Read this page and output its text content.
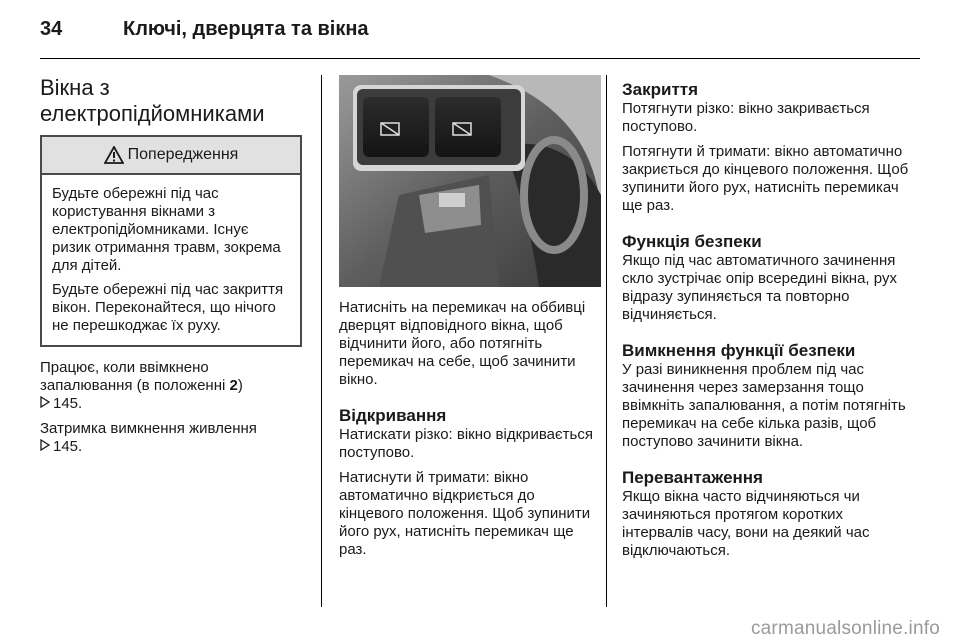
34	Ключі, дверцята та вікна
Вікна з
електропідйомниками
Попередження

Будьте обережні під час користування вікнами з електропідйомниками. Існує ризик отримання травм, зокрема для дітей.

Будьте обережні під час закриття вікон. Переконайтеся, що нічого не перешкоджає їх руху.

Працює, коли ввімкнено запалювання (в положенні 2)
145.

Затримка вимкнення живлення
145.

Натисніть на перемикач на оббивці дверцят відповідного вікна, щоб відчинити його, або потягніть перемикач на себе, щоб зачинити вікно.

Відкривання

Натискати різко: вікно відкривається поступово.

Натиснути й тримати: вікно автоматично відкриється до кінцевого положення. Щоб зупинити його рух, натисніть перемикач ще раз.

Закриття

Потягнути різко: вікно закривається поступово.

Потягнути й тримати: вікно автоматично закриється до кінцевого положення. Щоб зупинити його рух, натисніть перемикач ще раз.

Функція безпеки

Якщо під час автоматичного зачинення скло зустрічає опір всередині вікна, рух відразу зупиняється та повторно відчиняється.

Вимкнення функції безпеки

У разі виникнення проблем під час зачинення через замерзання тощо ввімкніть запалювання, а потім потягніть перемикач на себе кілька разів, щоб поступово зачинити вікна.

Перевантаження

Якщо вікна часто відчиняються чи зачиняються протягом коротких інтервалів часу, вони на деякий час відключаються.

carmanualsonline.info
